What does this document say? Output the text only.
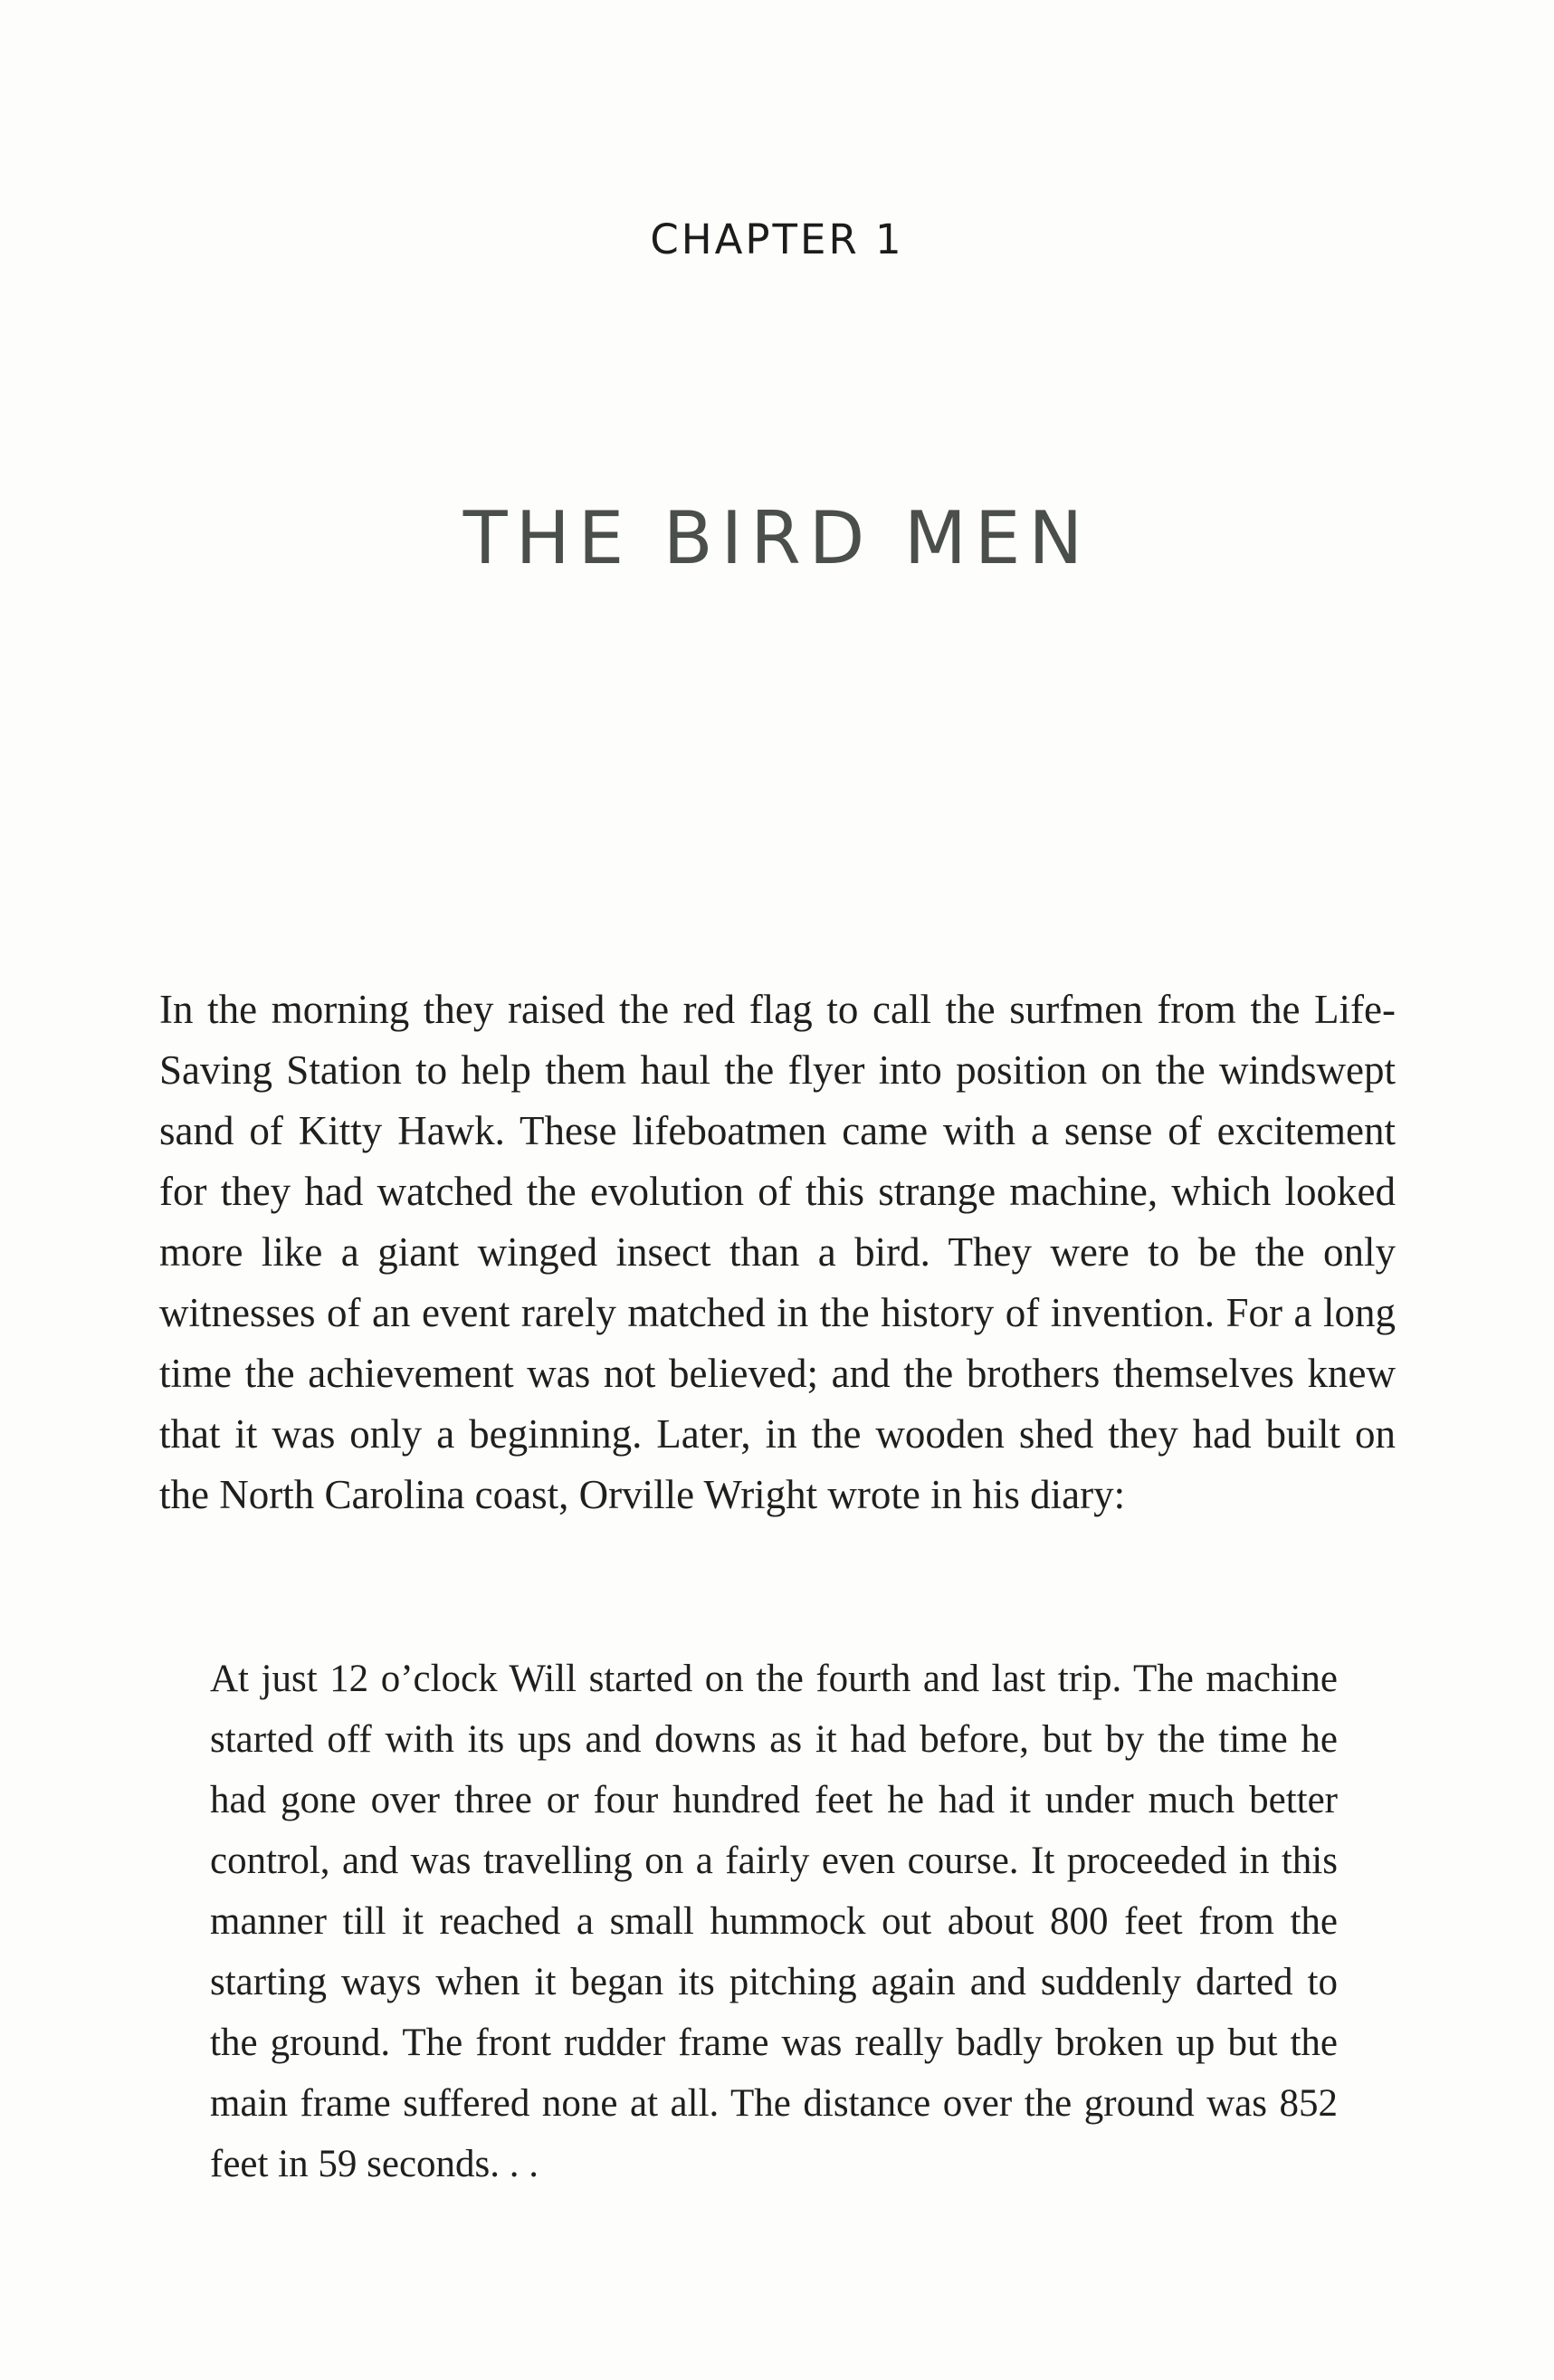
CHAPTER 1
THE BIRD MEN

In the morning they raised the red flag to call the surfmen from the Life-Saving Station to help them haul the flyer into position on the windswept sand of Kitty Hawk. These lifeboatmen came with a sense of excitement for they had watched the evolution of this strange machine, which looked more like a giant winged insect than a bird. They were to be the only witnesses of an event rarely matched in the history of invention. For a long time the achievement was not believed; and the brothers themselves knew that it was only a beginning. Later, in the wooden shed they had built on the North Carolina coast, Orville Wright wrote in his diary:

At just 12 o’clock Will started on the fourth and last trip. The machine started off with its ups and downs as it had before, but by the time he had gone over three or four hundred feet he had it under much better control, and was travelling on a fairly even course. It proceeded in this manner till it reached a small hummock out about 800 feet from the starting ways when it began its pitching again and suddenly darted to the ground. The front rudder frame was really badly broken up but the main frame suffered none at all. The distance over the ground was 852 feet in 59 seconds. . .
